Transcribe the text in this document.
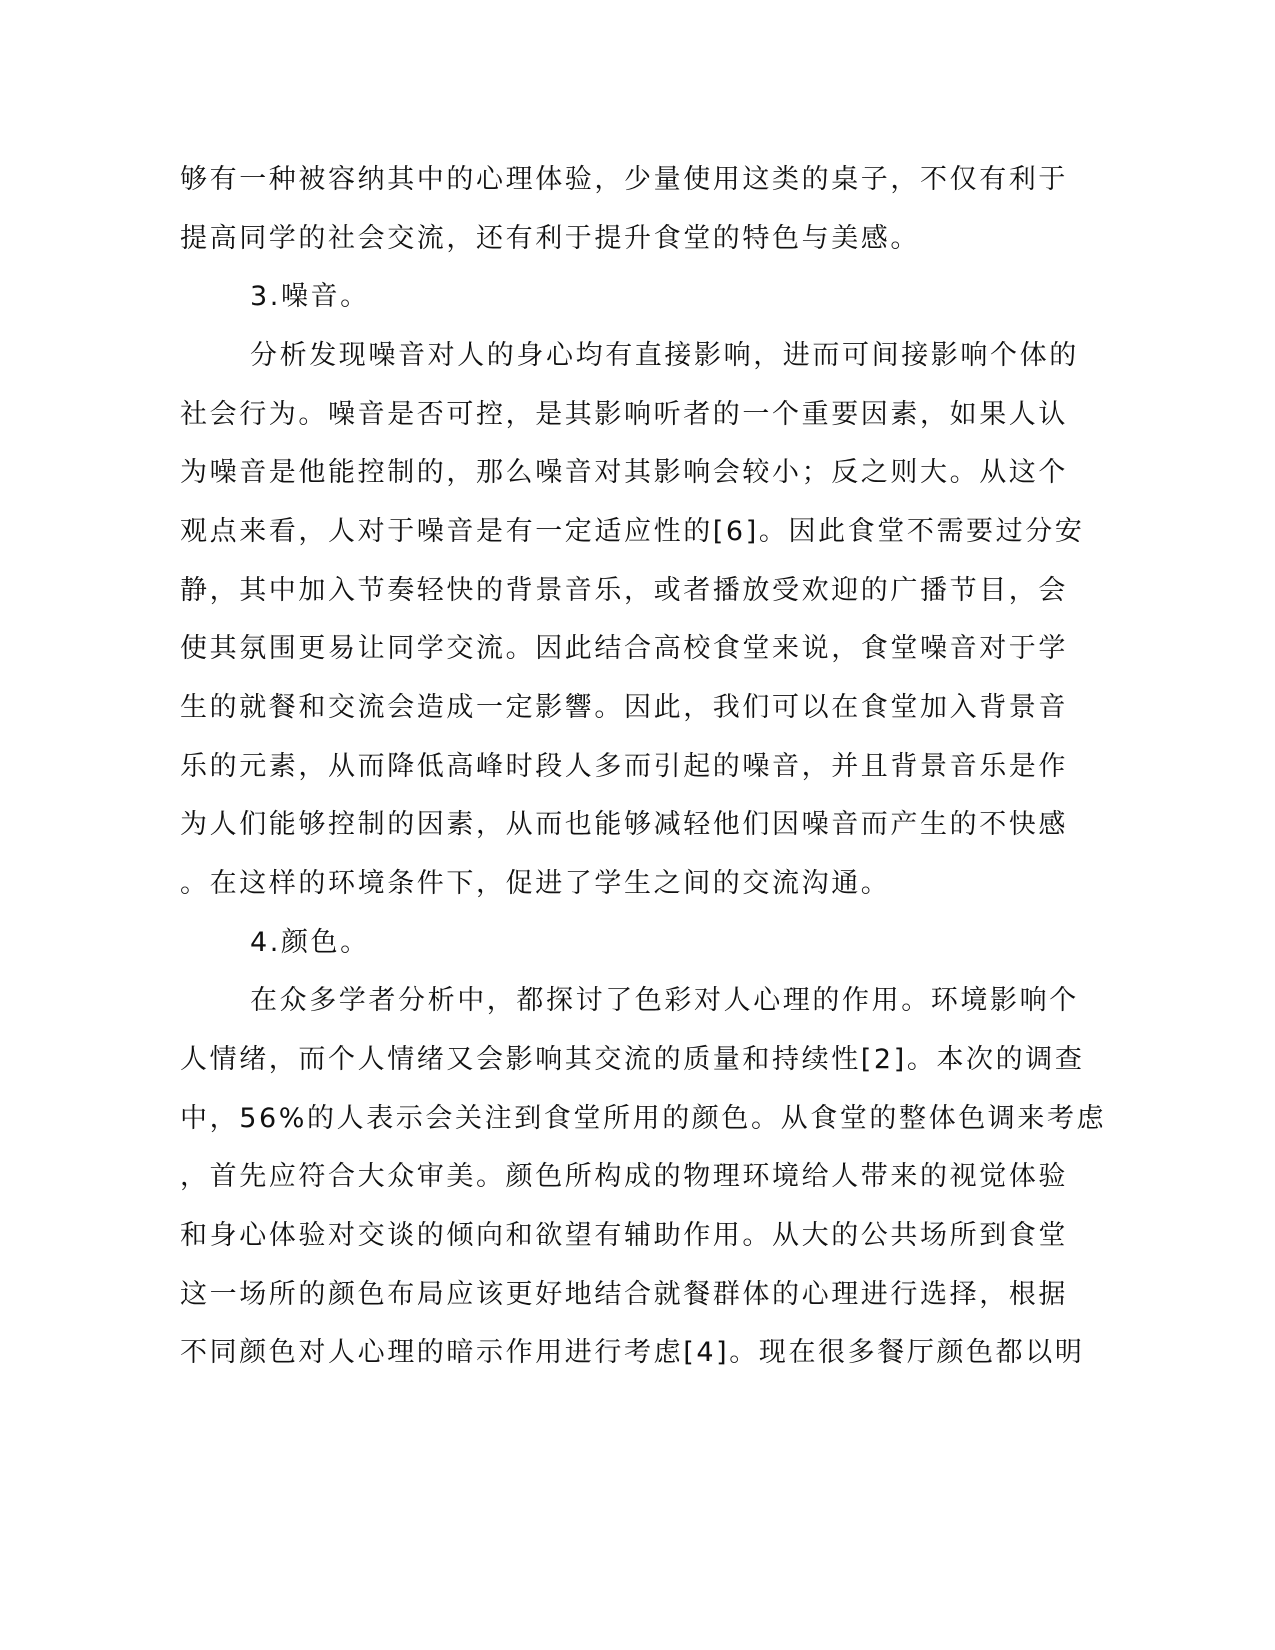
够有一种被容纳其中的心理体验，少量使用这类的桌子，不仅有利于
提高同学的社会交流，还有利于提升食堂的特色与美感。
3.噪音。
分析发现噪音对人的身心均有直接影响，进而可间接影响个体的
社会行为。噪音是否可控，是其影响听者的一个重要因素，如果人认
为噪音是他能控制的，那么噪音对其影响会较小；反之则大。从这个
观点来看，人对于噪音是有一定适应性的[6]。因此食堂不需要过分安
静，其中加入节奏轻快的背景音乐，或者播放受欢迎的广播节目，会
使其氛围更易让同学交流。因此结合高校食堂来说，食堂噪音对于学
生的就餐和交流会造成一定影響。因此，我们可以在食堂加入背景音
乐的元素，从而降低高峰时段人多而引起的噪音，并且背景音乐是作
为人们能够控制的因素，从而也能够减轻他们因噪音而产生的不快感
。在这样的环境条件下，促进了学生之间的交流沟通。
4.颜色。
在众多学者分析中，都探讨了色彩对人心理的作用。环境影响个
人情绪，而个人情绪又会影响其交流的质量和持续性[2]。本次的调查
中，56%的人表示会关注到食堂所用的颜色。从食堂的整体色调来考虑
，首先应符合大众审美。颜色所构成的物理环境给人带来的视觉体验
和身心体验对交谈的倾向和欲望有辅助作用。从大的公共场所到食堂
这一场所的颜色布局应该更好地结合就餐群体的心理进行选择，根据
不同颜色对人心理的暗示作用进行考虑[4]。现在很多餐厅颜色都以明
